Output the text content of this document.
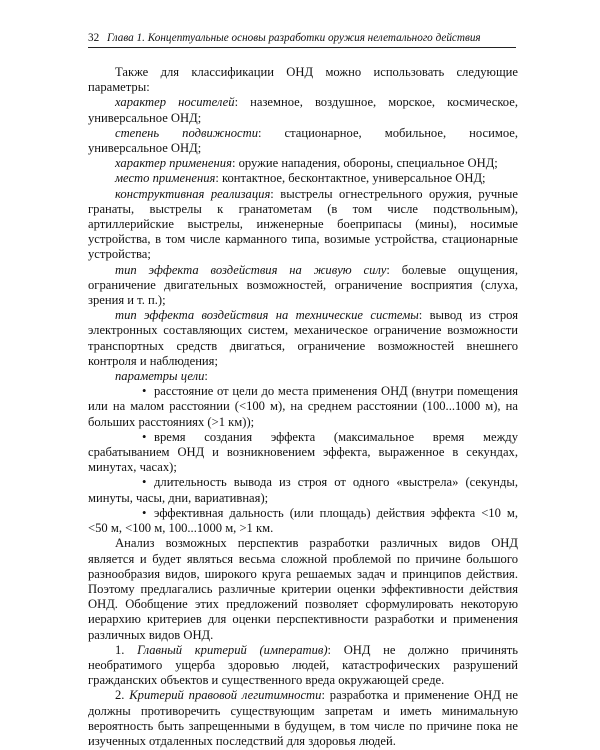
32 Глава 1. Концептуальные основы разработки оружия нелетального действия

Также для классификации ОНД можно использовать следующие параметры:

характер носителей: наземное, воздушное, морское, космическое, универсальное ОНД;

степень подвижности: стационарное, мобильное, носимое, универсальное ОНД;

характер применения: оружие нападения, обороны, специальное ОНД;

место применения: контактное, бесконтактное, универсальное ОНД;

конструктивная реализация: выстрелы огнестрельного оружия, ручные гранаты, выстрелы к гранатометам (в том числе подствольным), артиллерийские выстрелы, инженерные боеприпасы (мины), носимые устройства, в том числе карманного типа, возимые устройства, стационарные устройства;

тип эффекта воздействия на живую силу: болевые ощущения, ограничение двигательных возможностей, ограничение восприятия (слуха, зрения и т. п.);

тип эффекта воздействия на технические системы: вывод из строя электронных составляющих систем, механическое ограничение возможности транспортных средств двигаться, ограничение возможностей внешнего контроля и наблюдения;

параметры цели:

• расстояние от цели до места применения ОНД (внутри помещения или на малом расстоянии (<100 м), на среднем расстоянии (100...1000 м), на больших расстояниях (>1 км));

• время создания эффекта (максимальное время между срабатыванием ОНД и возникновением эффекта, выраженное в секундах, минутах, часах);

• длительность вывода из строя от одного «выстрела» (секунды, минуты, часы, дни, вариативная);

• эффективная дальность (или площадь) действия эффекта <10 м, <50 м, <100 м, 100...1000 м, >1 км.

Анализ возможных перспектив разработки различных видов ОНД является и будет являться весьма сложной проблемой по причине большого разнообразия видов, широкого круга решаемых задач и принципов действия. Поэтому предлагались различные критерии оценки эффективности действия ОНД. Обобщение этих предложений позволяет сформулировать некоторую иерархию критериев для оценки перспективности разработки и применения различных видов ОНД.

1. Главный критерий (императив): ОНД не должно причинять необратимого ущерба здоровью людей, катастрофических разрушений гражданских объектов и существенного вреда окружающей среде.

2. Критерий правовой легитимности: разработка и применение ОНД не должны противоречить существующим запретам и иметь минимальную вероятность быть запрещенными в будущем, в том числе по причине пока не изученных отдаленных последствий для здоровья людей.
